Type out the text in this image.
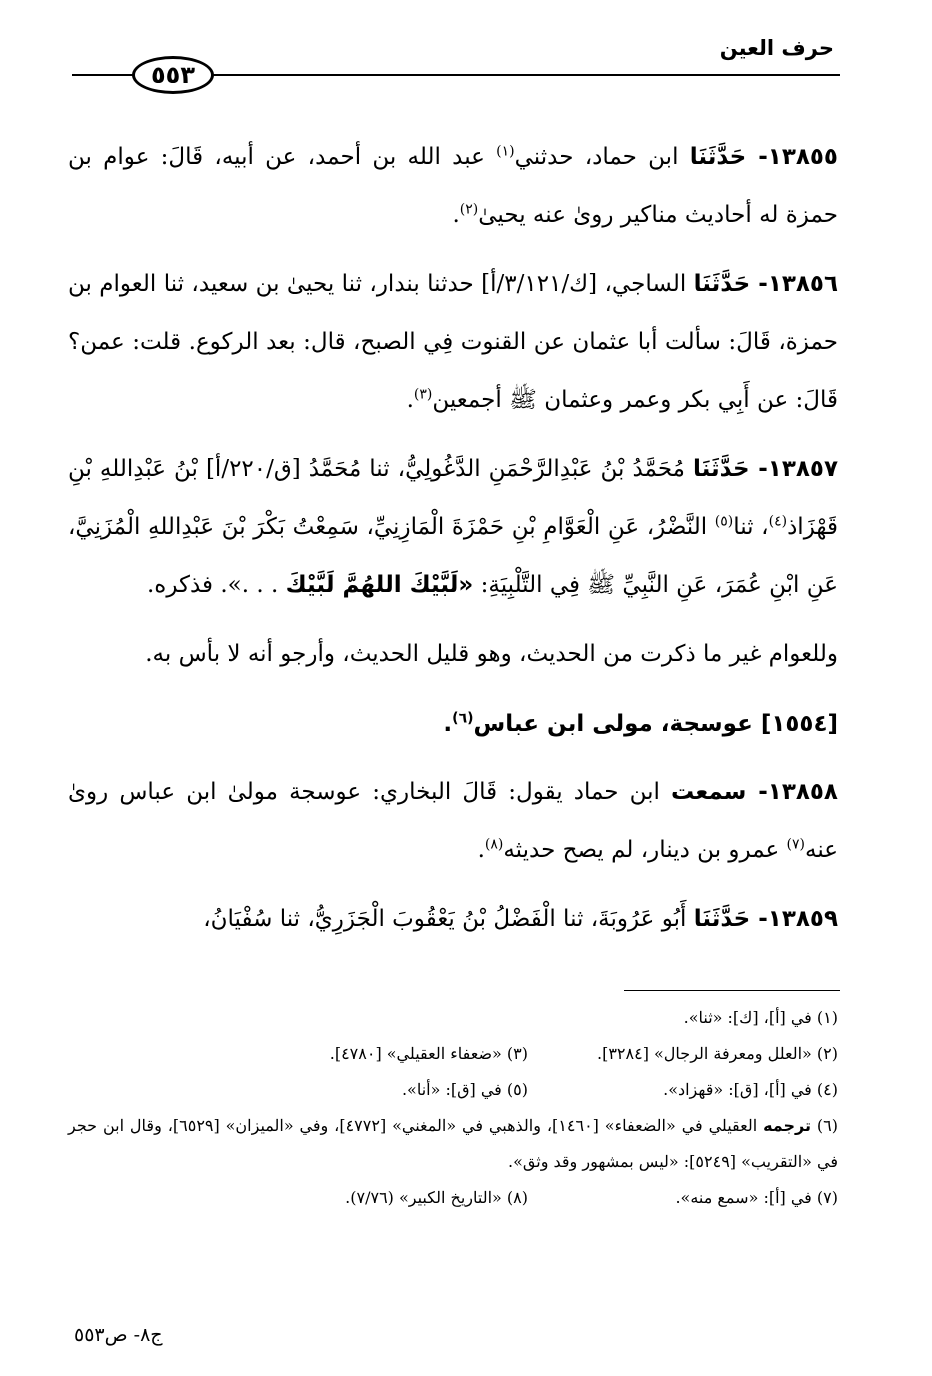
٥٥٣
حرف العين

١٣٨٥٥- حَدَّثَنَا ابن حماد، حدثني$^{(١)}$ عبد الله بن أحمد، عن أبيه، قَالَ: عوام بن حمزة له أحاديث مناكير روىٰ عنه يحيىٰ$^{(٢)}$.

١٣٨٥٦- حَدَّثَنَا الساجي، [ك/٣/١٢١/أ] حدثنا بندار، ثنا يحيىٰ بن سعيد، ثنا العوام بن حمزة، قَالَ: سألت أبا عثمان عن القنوت فِي الصبح، قال: بعد الركوع. قلت: عمن؟ قَالَ: عن أَبِي بكر وعمر وعثمان ﷺ أجمعين$^{(٣)}$.

١٣٨٥٧- حَدَّثَنَا مُحَمَّدُ بْنُ عَبْدِالرَّحْمَنِ الدَّغُولِيُّ، ثنا مُحَمَّدُ [ق/٢٢٠/أ] بْنُ عَبْدِاللهِ بْنِ قَهْزَاذ$^{(٤)}$، ثنا$^{(٥)}$ النَّضْرُ، عَنِ الْعَوَّامِ بْنِ حَمْزَةَ الْمَازِنِيِّ، سَمِعْتُ بَكْرَ بْنَ عَبْدِاللهِ الْمُزَنِيَّ، عَنِ ابْنِ عُمَرَ، عَنِ النَّبِيِّ ﷺ فِي التَّلْبِيَةِ: «لَبَّيْكَ اللهُمَّ لَبَّيْكَ . . .». فذكره.

وللعوام غير ما ذكرت من الحديث، وهو قليل الحديث، وأرجو أنه لا بأس به.

[١٥٥٤] عوسجة، مولى ابن عباس$^{(٦)}$.

١٣٨٥٨- سمعت ابن حماد يقول: قَالَ البخاري: عوسجة مولىٰ ابن عباس روىٰ عنه$^{(٧)}$ عمرو بن دينار، لم يصح حديثه$^{(٨)}$.

١٣٨٥٩- حَدَّثَنَا أَبُو عَرُوبَةَ، ثنا الْفَضْلُ بْنُ يَعْقُوبَ الْجَزَرِيُّ، ثنا سُفْيَانُ،

(١) في [أ]، [ك]: «ثنا».
(٢) «العلل ومعرفة الرجال» [٣٢٨٤].
(٣) «ضعفاء العقيلي» [٤٧٨٠].
(٤) في [أ]، [ق]: «قهزاد».
(٥) في [ق]: «أنا».
(٦) ترجمه العقيلي في «الضعفاء» [١٤٦٠]، والذهبي في «المغني» [٤٧٧٢]، وفي «الميزان» [٦٥٢٩]، وقال ابن حجر في «التقريب» [٥٢٤٩]: «ليس بمشهور وقد وثق».
(٧) في [أ]: «سمع منه».
(٨) «التاريخ الكبير» (٧/٧٦).
ج٨- ص٥٥٣
